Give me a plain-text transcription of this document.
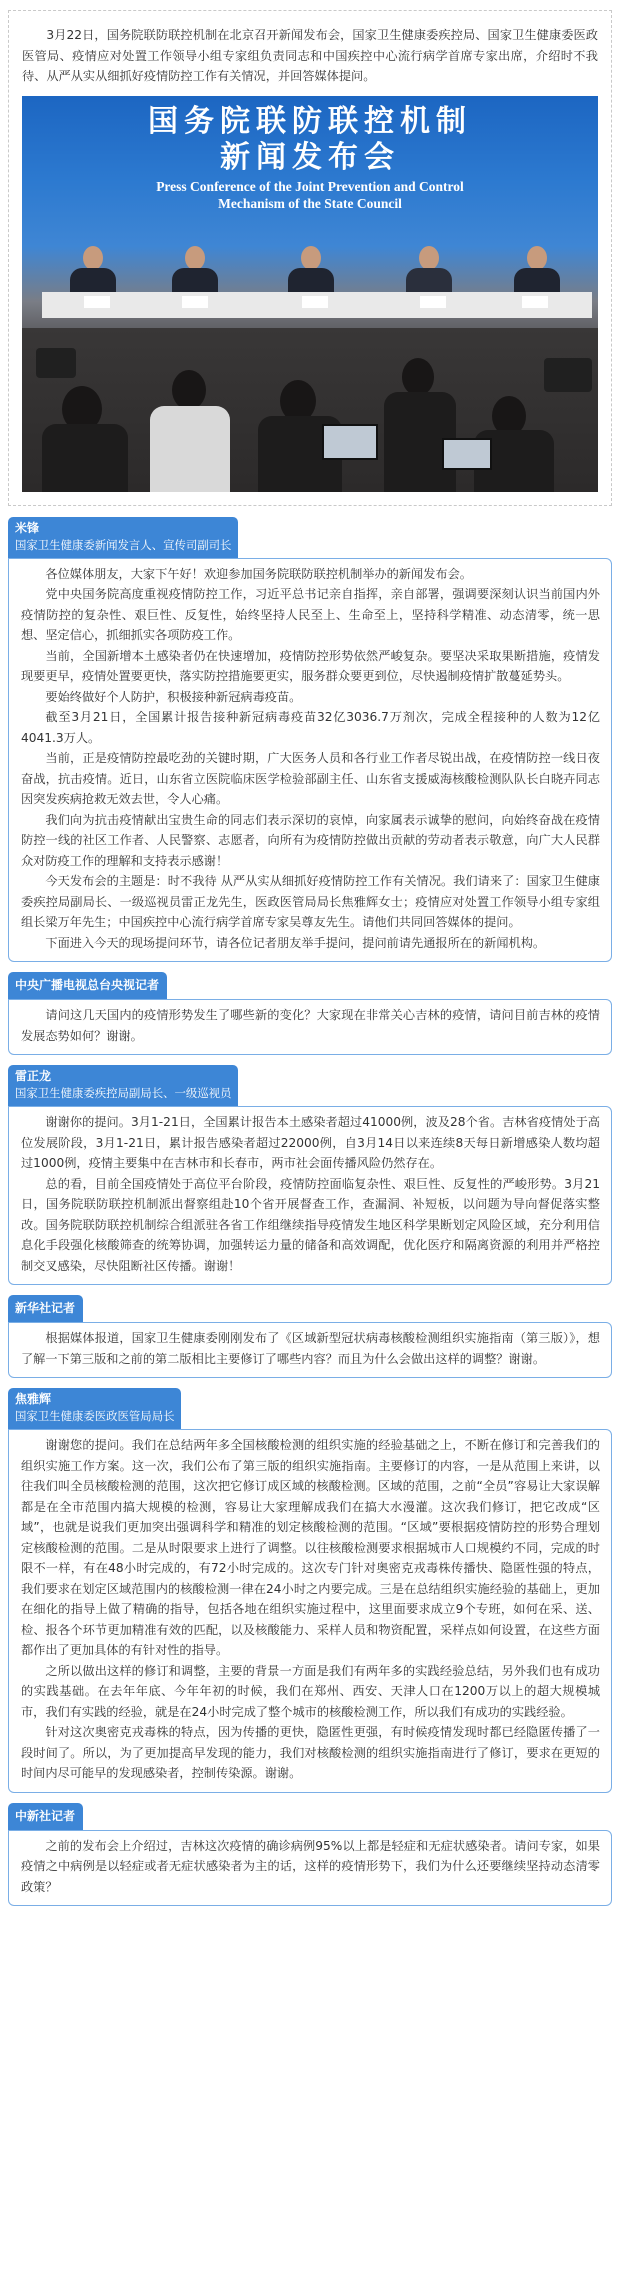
3月22日，国务院联防联控机制在北京召开新闻发布会，国家卫生健康委疾控局、国家卫生健康委医政医管局、疫情应对处置工作领导小组专家组负责同志和中国疾控中心流行病学首席专家出席，介绍时不我待、从严从实从细抓好疫情防控工作有关情况，并回答媒体提问。

国务院联防联控机制
新闻发布会
Press Conference of the Joint Prevention and Control
Mechanism of the State Council
米锋
国家卫生健康委新闻发言人、宣传司副司长

各位媒体朋友，大家下午好！欢迎参加国务院联防联控机制举办的新闻发布会。

党中央国务院高度重视疫情防控工作，习近平总书记亲自指挥，亲自部署，强调要深刻认识当前国内外疫情防控的复杂性、艰巨性、反复性，始终坚持人民至上、生命至上，坚持科学精准、动态清零，统一思想、坚定信心，抓细抓实各项防疫工作。

当前，全国新增本土感染者仍在快速增加，疫情防控形势依然严峻复杂。要坚决采取果断措施，疫情发现要更早，疫情处置要更快，落实防控措施要更实，服务群众要更到位，尽快遏制疫情扩散蔓延势头。

要始终做好个人防护，积极接种新冠病毒疫苗。

截至3月21日，全国累计报告接种新冠病毒疫苗32亿3036.7万剂次，完成全程接种的人数为12亿4041.3万人。

当前，正是疫情防控最吃劲的关键时期，广大医务人员和各行业工作者尽锐出战，在疫情防控一线日夜奋战，抗击疫情。近日，山东省立医院临床医学检验部副主任、山东省支援威海核酸检测队队长白晓卉同志因突发疾病抢救无效去世，令人心痛。

我们向为抗击疫情献出宝贵生命的同志们表示深切的哀悼，向家属表示诚挚的慰问，向始终奋战在疫情防控一线的社区工作者、人民警察、志愿者，向所有为疫情防控做出贡献的劳动者表示敬意，向广大人民群众对防疫工作的理解和支持表示感谢！

今天发布会的主题是：时不我待 从严从实从细抓好疫情防控工作有关情况。我们请来了：国家卫生健康委疾控局副局长、一级巡视员雷正龙先生，医政医管局局长焦雅辉女士；疫情应对处置工作领导小组专家组组长梁万年先生；中国疾控中心流行病学首席专家吴尊友先生。请他们共同回答媒体的提问。

下面进入今天的现场提问环节，请各位记者朋友举手提问，提问前请先通报所在的新闻机构。

中央广播电视总台央视记者

请问这几天国内的疫情形势发生了哪些新的变化？大家现在非常关心吉林的疫情，请问目前吉林的疫情发展态势如何？谢谢。

雷正龙
国家卫生健康委疾控局副局长、一级巡视员

谢谢你的提问。3月1-21日，全国累计报告本土感染者超过41000例，波及28个省。吉林省疫情处于高位发展阶段，3月1-21日，累计报告感染者超过22000例，自3月14日以来连续8天每日新增感染人数均超过1000例，疫情主要集中在吉林市和长春市，两市社会面传播风险仍然存在。

总的看，目前全国疫情处于高位平台阶段，疫情防控面临复杂性、艰巨性、反复性的严峻形势。3月21日，国务院联防联控机制派出督察组赴10个省开展督查工作，查漏洞、补短板，以问题为导向督促落实整改。国务院联防联控机制综合组派驻各省工作组继续指导疫情发生地区科学果断划定风险区域，充分利用信息化手段强化核酸筛查的统筹协调，加强转运力量的储备和高效调配，优化医疗和隔离资源的利用并严格控制交叉感染，尽快阻断社区传播。谢谢！

新华社记者

根据媒体报道，国家卫生健康委刚刚发布了《区域新型冠状病毒核酸检测组织实施指南（第三版）》，想了解一下第三版和之前的第二版相比主要修订了哪些内容？而且为什么会做出这样的调整？谢谢。

焦雅辉
国家卫生健康委医政医管局局长

谢谢您的提问。我们在总结两年多全国核酸检测的组织实施的经验基础之上，不断在修订和完善我们的组织实施工作方案。这一次，我们公布了第三版的组织实施指南。主要修订的内容，一是从范围上来讲，以往我们叫全员核酸检测的范围，这次把它修订成区域的核酸检测。区域的范围，之前“全员”容易让大家误解都是在全市范围内搞大规模的检测，容易让大家理解成我们在搞大水漫灌。这次我们修订，把它改成“区域”，也就是说我们更加突出强调科学和精准的划定核酸检测的范围。“区域”要根据疫情防控的形势合理划定核酸检测的范围。二是从时限要求上进行了调整。以往核酸检测要求根据城市人口规模约不同，完成的时限不一样，有在48小时完成的，有72小时完成的。这次专门针对奥密克戎毒株传播快、隐匿性强的特点，我们要求在划定区域范围内的核酸检测一律在24小时之内要完成。三是在总结组织实施经验的基础上，更加在细化的指导上做了精确的指导，包括各地在组织实施过程中，这里面要求成立9个专班，如何在采、送、检、报各个环节更加精准有效的匹配，以及核酸能力、采样人员和物资配置，采样点如何设置，在这些方面都作出了更加具体的有针对性的指导。

之所以做出这样的修订和调整，主要的背景一方面是我们有两年多的实践经验总结，另外我们也有成功的实践基础。在去年年底、今年年初的时候，我们在郑州、西安、天津人口在1200万以上的超大规模城市，我们有实践的经验，就是在24小时完成了整个城市的核酸检测工作，所以我们有成功的实践经验。

针对这次奥密克戎毒株的特点，因为传播的更快，隐匿性更强，有时候疫情发现时都已经隐匿传播了一段时间了。所以，为了更加提高早发现的能力，我们对核酸检测的组织实施指南进行了修订，要求在更短的时间内尽可能早的发现感染者，控制传染源。谢谢。

中新社记者

之前的发布会上介绍过，吉林这次疫情的确诊病例95%以上都是轻症和无症状感染者。请问专家，如果疫情之中病例是以轻症或者无症状感染者为主的话，这样的疫情形势下，我们为什么还要继续坚持动态清零政策？
